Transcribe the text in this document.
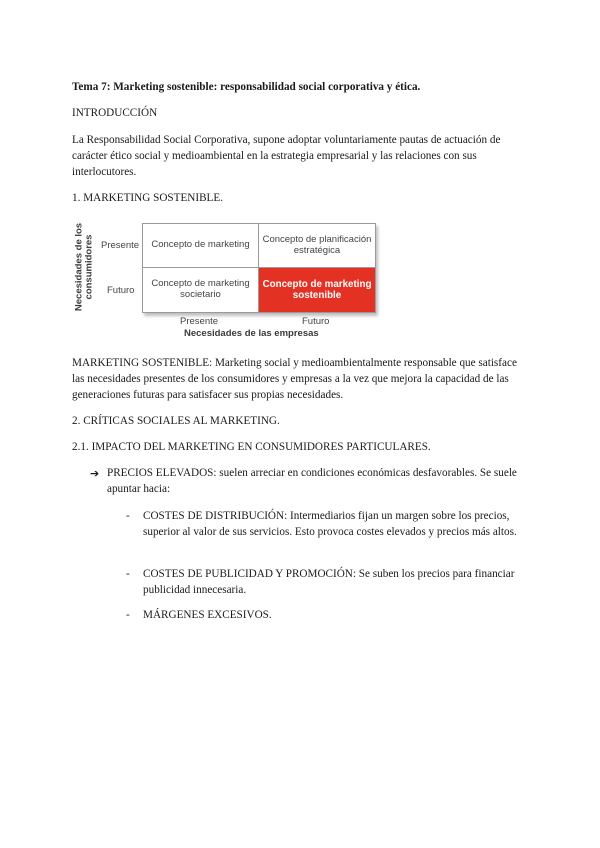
Tema 7: Marketing sostenible: responsabilidad social corporativa y ética.

INTRODUCCIÓN

La Responsabilidad Social Corporativa, supone adoptar voluntariamente pautas de actuación de carácter ético social y medioambiental en la estrategia empresarial y las relaciones con sus interlocutores.

1. MARKETING SOSTENIBLE.

Necesidades de los consumidores Presente
Futuro
Concepto de marketing	Concepto de planificación estratégica
Concepto de marketing societario
Concepto de marketing sostenible
Presente	Futuro
Necesidades de las empresas

MARKETING SOSTENIBLE: Marketing social y medioambientalmente responsable que satisface las necesidades presentes de los consumidores y empresas a la vez que mejora la capacidad de las generaciones futuras para satisfacer sus propias necesidades.

2. CRÍTICAS SOCIALES AL MARKETING.

2.1. IMPACTO DEL MARKETING EN CONSUMIDORES PARTICULARES.

➔ PRECIOS ELEVADOS: suelen arreciar en condiciones económicas desfavorables. Se suele apuntar hacia:
- COSTES DE DISTRIBUCIÓN: Intermediarios fijan un margen sobre los precios, superior al valor de sus servicios. Esto provoca costes elevados y precios más altos.
- COSTES DE PUBLICIDAD Y PROMOCIÓN: Se suben los precios para financiar publicidad innecesaria.
- MÁRGENES EXCESIVOS.
